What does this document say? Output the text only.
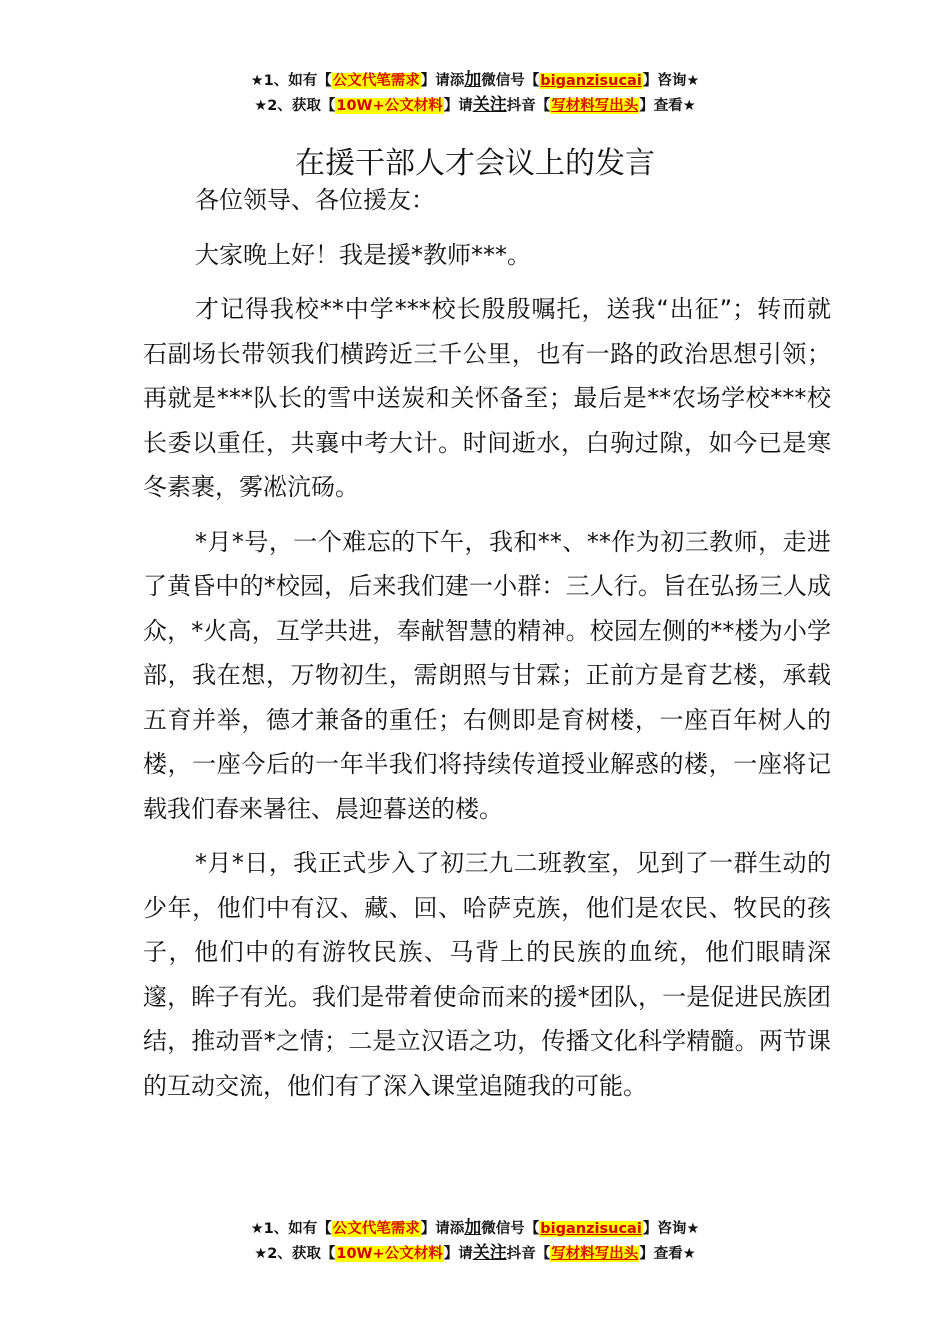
★1、如有【公文代笔需求】请添加微信号【biganzisucai】咨询★
★2、获取【10W+公文材料】请关注抖音【写材料写出头】查看★
在援干部人才会议上的发言

各位领导、各位援友：

大家晚上好！我是援*教师***。

才记得我校**中学***校长殷殷嘱托，送我“出征”；转而就石副场长带领我们横跨近三千公里，也有一路的政治思想引领；再就是***队长的雪中送炭和关怀备至；最后是**农场学校***校长委以重任，共襄中考大计。时间逝水，白驹过隙，如今已是寒冬素裹，雾凇沆砀。

*月*号，一个难忘的下午，我和**、**作为初三教师，走进了黄昏中的*校园，后来我们建一小群：三人行。旨在弘扬三人成众，*火高，互学共进，奉献智慧的精神。校园左侧的**楼为小学部，我在想，万物初生，需朗照与甘霖；正前方是育艺楼，承载五育并举，德才兼备的重任；右侧即是育树楼，一座百年树人的楼，一座今后的一年半我们将持续传道授业解惑的楼，一座将记载我们春来暑往、晨迎暮送的楼。

*月*日，我正式步入了初三九二班教室，见到了一群生动的少年，他们中有汉、藏、回、哈萨克族，他们是农民、牧民的孩子，他们中的有游牧民族、马背上的民族的血统，他们眼睛深邃，眸子有光。我们是带着使命而来的援*团队，一是促进民族团结，推动晋*之情；二是立汉语之功，传播文化科学精髓。两节课的互动交流，他们有了深入课堂追随我的可能。

★1、如有【公文代笔需求】请添加微信号【biganzisucai】咨询★
★2、获取【10W+公文材料】请关注抖音【写材料写出头】查看★
